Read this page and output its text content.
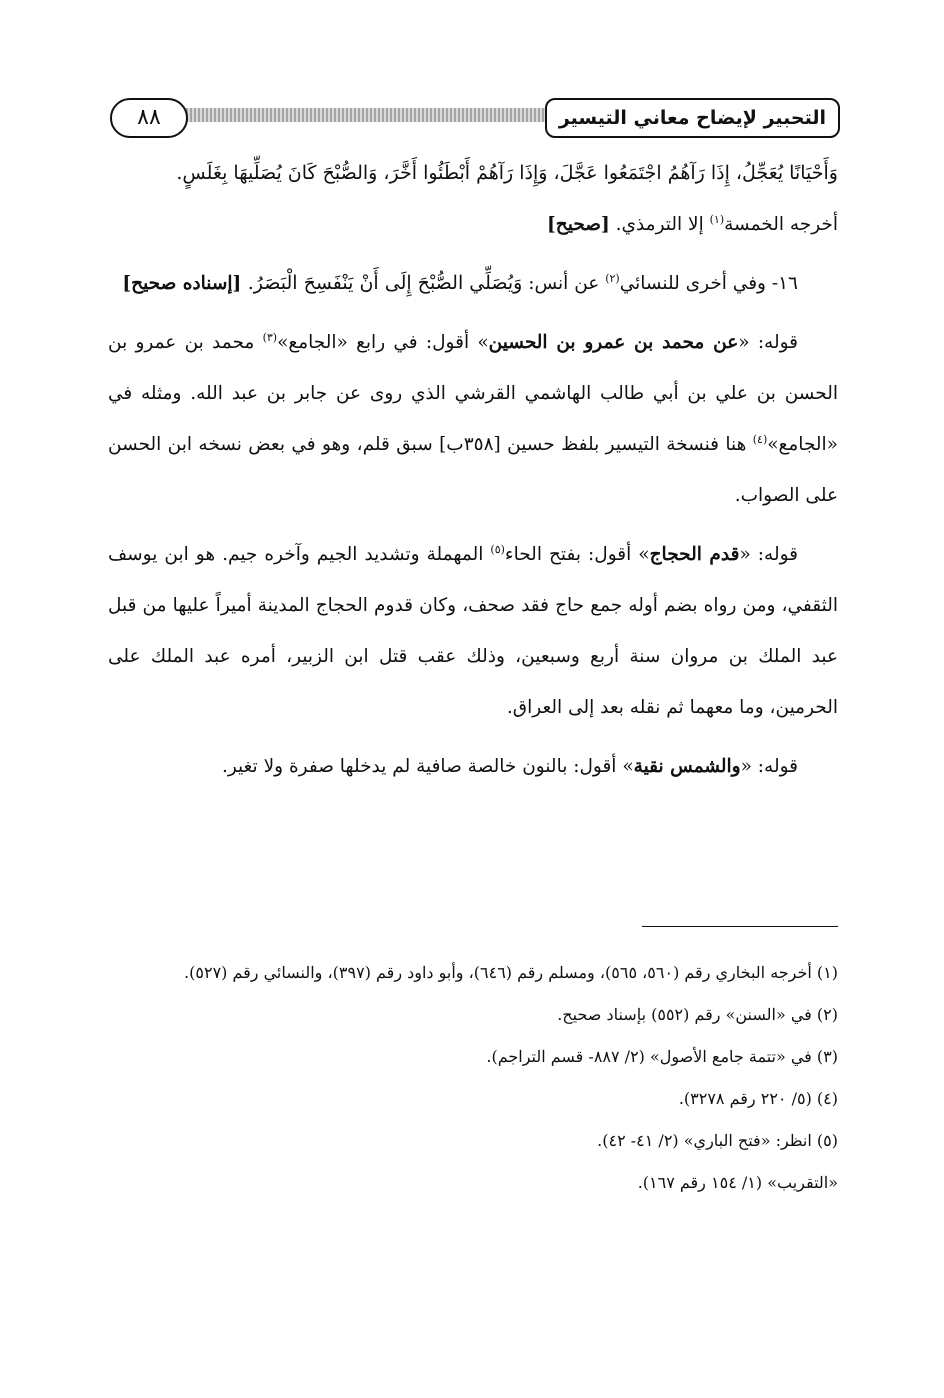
التحبير لإيضاح معاني التيسير
٨٨

وَأَحْيَانًا يُعَجِّلُ، إِذَا رَآهُمُ اجْتَمَعُوا عَجَّلَ، وَإِذَا رَآهُمْ أَبْطَئُوا أَخَّرَ، وَالصُّبْحَ كَانَ يُصَلِّيهَا بِغَلَسٍ.

أخرجه الخمسة$^{(١)}$ إلا الترمذي. [صحيح]

١٦- وفي أخرى للنسائي$^{(٢)}$ عن أنس: وَيُصَلِّي الصُّبْحَ إِلَى أَنْ يَنْفَسِحَ الْبَصَرُ. [إسناده صحيح]

قوله: «عن محمد بن عمرو بن الحسين» أقول: في رابع «الجامع»$^{(٣)}$ محمد بن عمرو بن الحسن بن علي بن أبي طالب الهاشمي القرشي الذي روى عن جابر بن عبد الله. ومثله في «الجامع»$^{(٤)}$ هنا فنسخة التيسير بلفظ حسين [٣٥٨ب] سبق قلم، وهو في بعض نسخه ابن الحسن على الصواب.

قوله: «قدم الحجاج» أقول: بفتح الحاء$^{(٥)}$ المهملة وتشديد الجيم وآخره جيم. هو ابن يوسف الثقفي، ومن رواه بضم أوله جمع حاج فقد صحف، وكان قدوم الحجاج المدينة أميراً عليها من قبل عبد الملك بن مروان سنة أربع وسبعين، وذلك عقب قتل ابن الزبير، أمره عبد الملك على الحرمين، وما معهما ثم نقله بعد إلى العراق.

قوله: «والشمس نقية» أقول: بالنون خالصة صافية لم يدخلها صفرة ولا تغير.

(١) أخرجه البخاري رقم (٥٦٠، ٥٦٥)، ومسلم رقم (٦٤٦)، وأبو داود رقم (٣٩٧)، والنسائي رقم (٥٢٧).

(٢) في «السنن» رقم (٥٥٢) بإسناد صحيح.

(٣) في «تتمة جامع الأصول» (٢/ ٨٨٧- قسم التراجم).

(٤) (٥/ ٢٢٠ رقم ٣٢٧٨).

(٥) انظر: «فتح الباري» (٢/ ٤١- ٤٢).

«التقريب» (١/ ١٥٤ رقم ١٦٧).
